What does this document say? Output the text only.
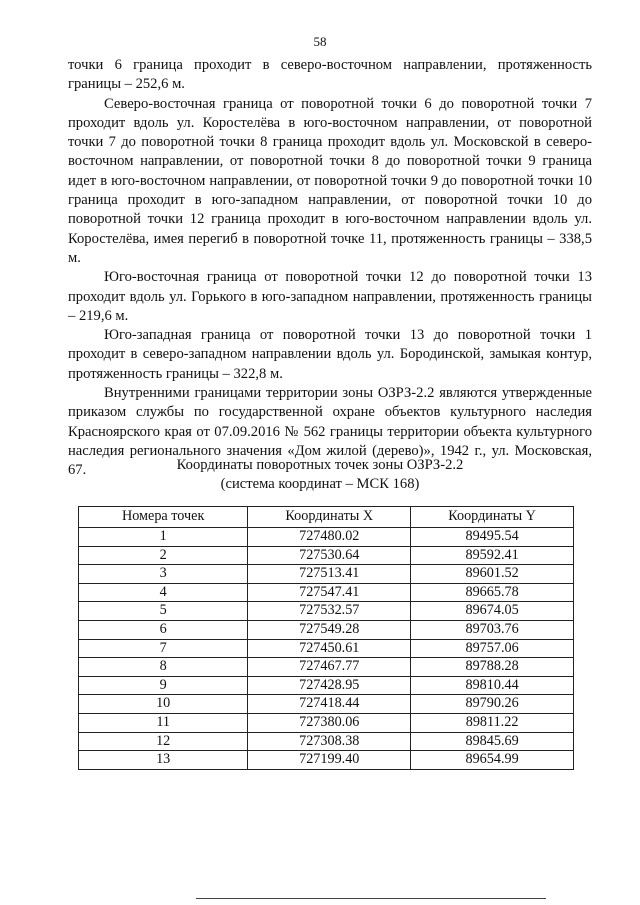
58

точки 6 граница проходит в северо-восточном направлении, протяженность границы – 252,6 м.

Северо-восточная граница от поворотной точки 6 до поворотной точки 7 проходит вдоль ул. Коростелёва в юго-восточном направлении, от поворотной точки 7 до поворотной точки 8 граница проходит вдоль ул. Московской в северо-восточном направлении, от поворотной точки 8 до поворотной точки 9 граница идет в юго-восточном направлении, от поворотной точки 9 до поворотной точки 10 граница проходит в юго-западном направлении, от поворотной точки 10 до поворотной точки 12 граница проходит в юго-восточном направлении вдоль ул. Коростелёва, имея перегиб в поворотной точке 11, протяженность границы – 338,5 м.

Юго-восточная граница от поворотной точки 12 до поворотной точки 13 проходит вдоль ул. Горького в юго-западном направлении, протяженность границы – 219,6 м.

Юго-западная граница от поворотной точки 13 до поворотной точки 1 проходит в северо-западном направлении вдоль ул. Бородинской, замыкая контур, протяженность границы – 322,8 м.

Внутренними границами территории зоны ОЗРЗ-2.2 являются утвержденные приказом службы по государственной охране объектов культурного наследия Красноярского края от 07.09.2016 № 562 границы территории объекта культурного наследия регионального значения «Дом жилой (дерево)», 1942 г., ул. Московская, 67.	Координаты поворотных точек зоны ОЗРЗ-2.2
(система координат – МСК 168)
Номера точек	Координаты X	Координаты Y
1	727480.02	89495.54
2	727530.64	89592.41
3	727513.41	89601.52
4	727547.41	89665.78
5	727532.57	89674.05
6	727549.28	89703.76
7	727450.61	89757.06
8	727467.77	89788.28
9	727428.95	89810.44
10	727418.44	89790.26
11	727380.06	89811.22
12	727308.38	89845.69
13	727199.40	89654.99
